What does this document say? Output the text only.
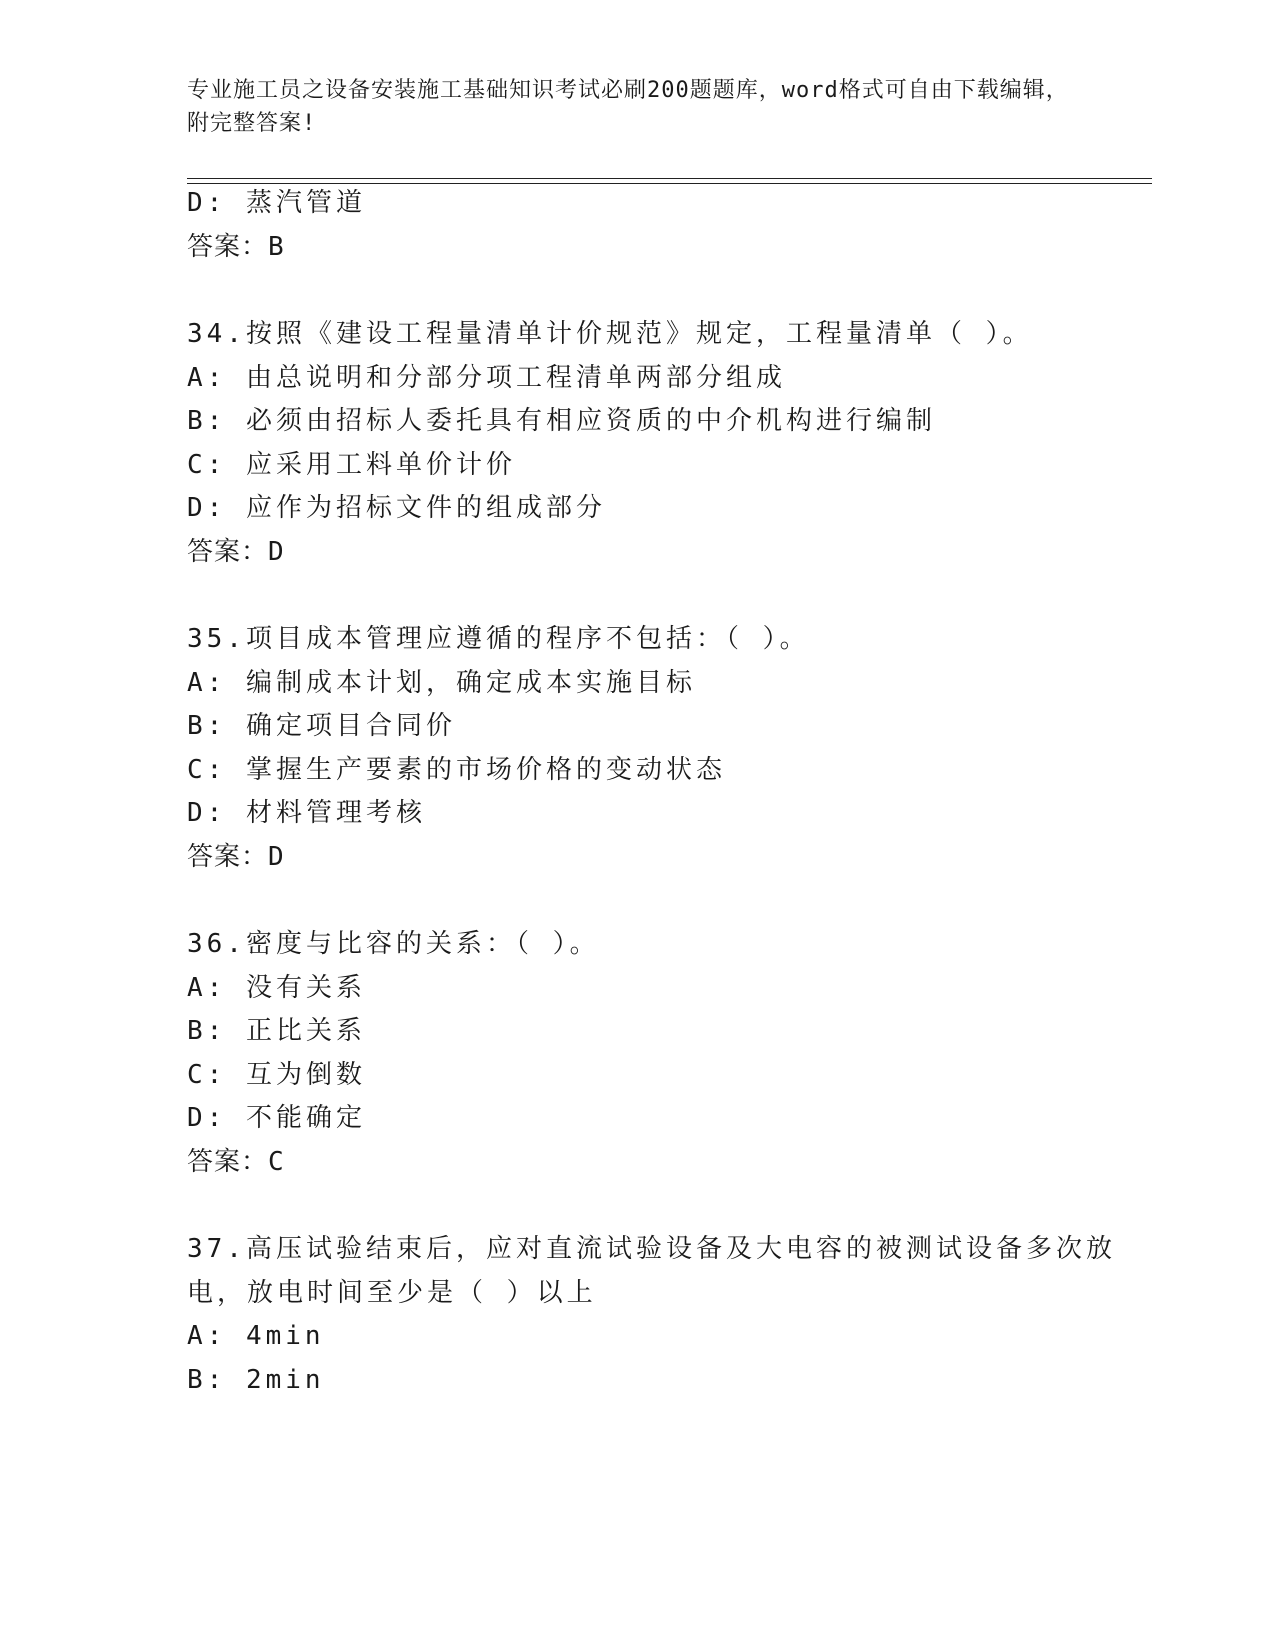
专业施工员之设备安装施工基础知识考试必刷200题题库，word格式可自由下载编辑，附完整答案!
D: 蒸汽管道
答案：B
34.按照《建设工程量清单计价规范》规定，工程量清单（ ）。
A: 由总说明和分部分项工程清单两部分组成
B: 必须由招标人委托具有相应资质的中介机构进行编制
C: 应采用工料单价计价
D: 应作为招标文件的组成部分
答案：D
35.项目成本管理应遵循的程序不包括：（ ）。
A: 编制成本计划，确定成本实施目标
B: 确定项目合同价
C: 掌握生产要素的市场价格的变动状态
D: 材料管理考核
答案：D
36.密度与比容的关系：（ ）。
A: 没有关系
B: 正比关系
C: 互为倒数
D: 不能确定
答案：C
37.高压试验结束后，应对直流试验设备及大电容的被测试设备多次放
电，放电时间至少是（ ）以上
A: 4min
B: 2min
